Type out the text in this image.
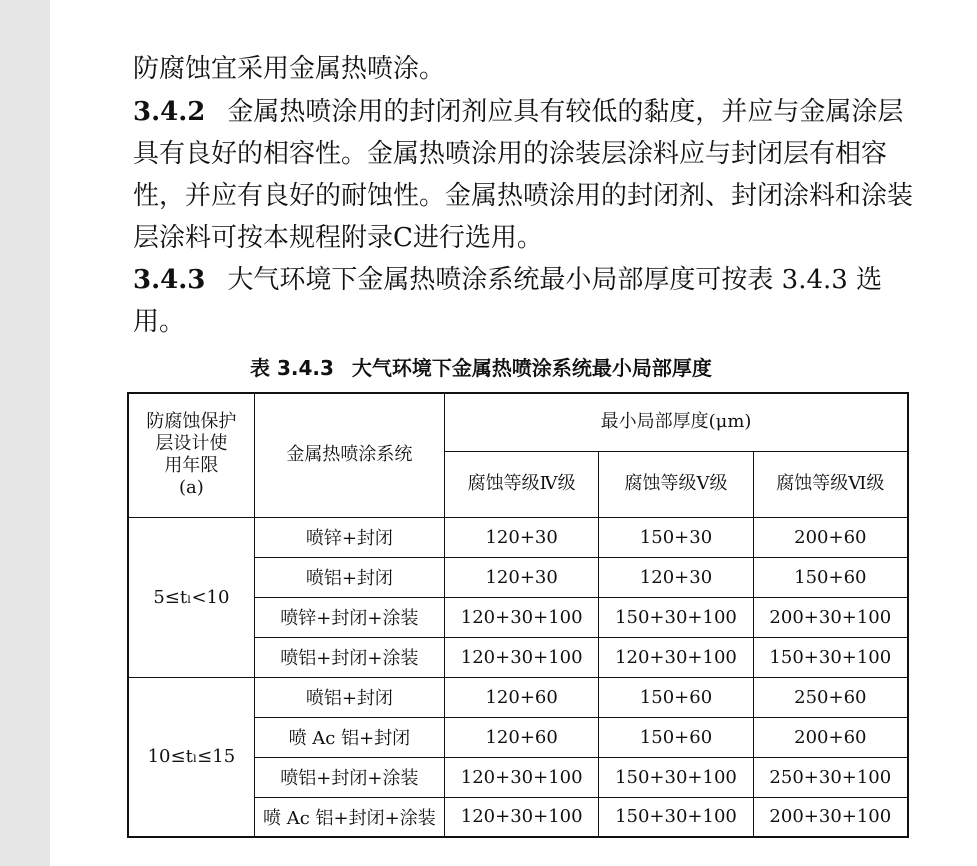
防腐蚀宜采用金属热喷涂。

3.4.2 金属热喷涂用的封闭剂应具有较低的黏度，并应与金属涂层具有良好的相容性。金属热喷涂用的涂装层涂料应与封闭层有相容性，并应有良好的耐蚀性。金属热喷涂用的封闭剂、封闭涂料和涂装层涂料可按本规程附录C进行选用。

3.4.3 大气环境下金属热喷涂系统最小局部厚度可按表 3.4.3 选用。

表 3.4.3 大气环境下金属热喷涂系统最小局部厚度
防腐蚀保护
层设计使
用年限
(a)	金属热喷涂系统	最小局部厚度(μm)		
		腐蚀等级Ⅳ级	腐蚀等级Ⅴ级	腐蚀等级Ⅵ级
5≤tₗ<10	喷锌+封闭	120+30	150+30	200+60
	喷铝+封闭	120+30	120+30	150+60
	喷锌+封闭+涂装	120+30+100	150+30+100	200+30+100
	喷铝+封闭+涂装	120+30+100	120+30+100	150+30+100
10≤tₗ≤15	喷铝+封闭	120+60	150+60	250+60
	喷 Ac 铝+封闭	120+60	150+60	200+60
	喷铝+封闭+涂装	120+30+100	150+30+100	250+30+100
	喷 Ac 铝+封闭+涂装	120+30+100	150+30+100	200+30+100
